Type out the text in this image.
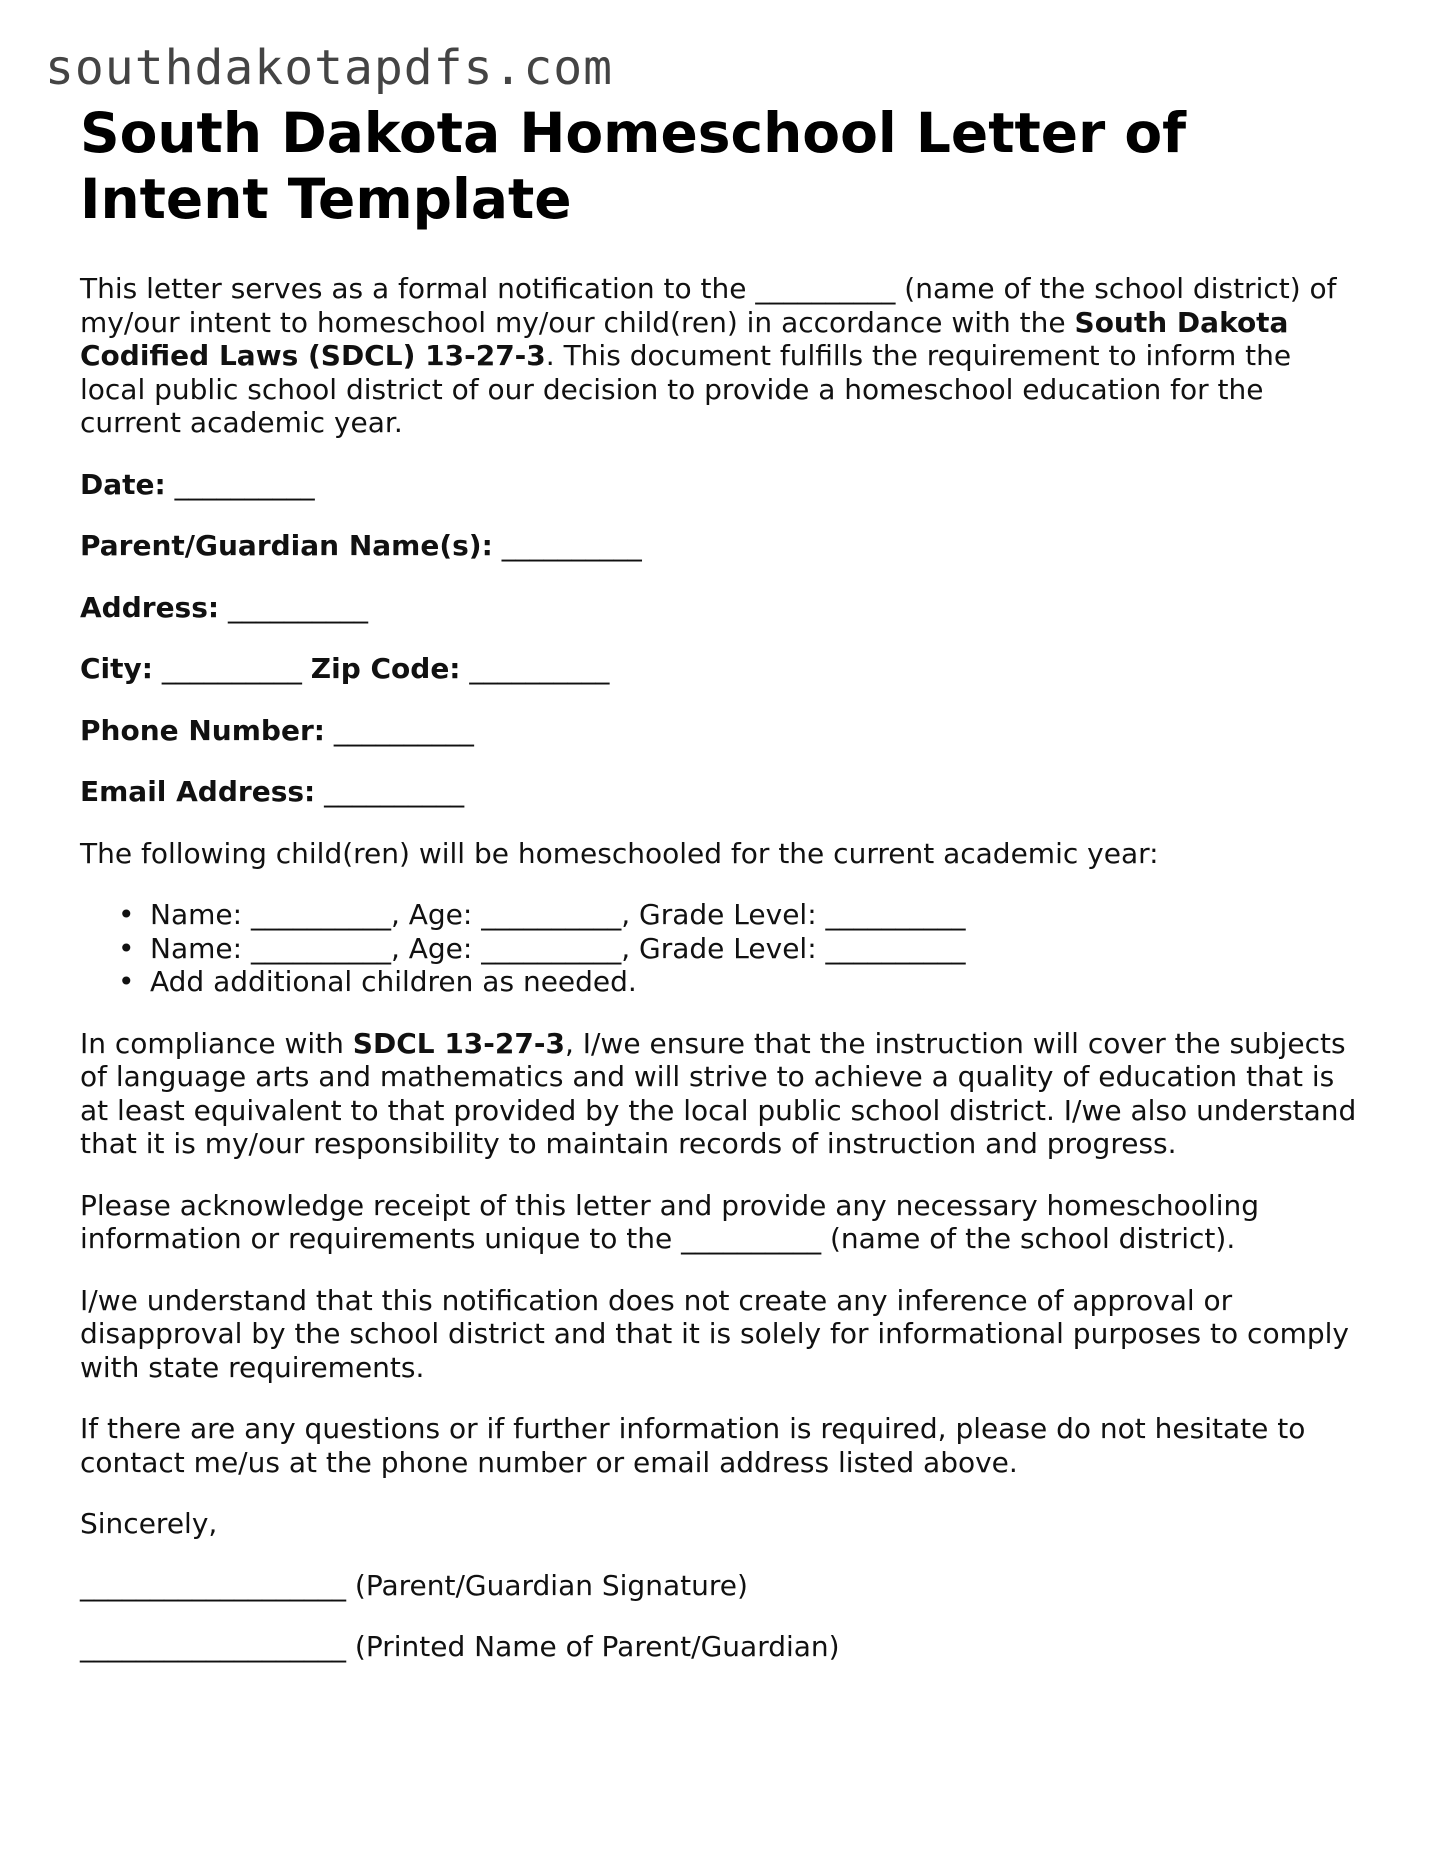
southdakotapdfs.com
South Dakota Homeschool Letter of Intent Template

This letter serves as a formal notification to the __________ (name of the school district) of my/our intent to homeschool my/our child(ren) in accordance with the South Dakota Codified Laws (SDCL) 13-27-3. This document fulfills the requirement to inform the local public school district of our decision to provide a homeschool education for the current academic year.

Date: __________

Parent/Guardian Name(s): __________

Address: __________

City: __________ Zip Code: __________

Phone Number: __________

Email Address: __________

The following child(ren) will be homeschooled for the current academic year:

• Name: __________, Age: __________, Grade Level: __________
• Name: __________, Age: __________, Grade Level: __________
• Add additional children as needed.

In compliance with SDCL 13-27-3, I/we ensure that the instruction will cover the subjects of language arts and mathematics and will strive to achieve a quality of education that is at least equivalent to that provided by the local public school district. I/we also understand that it is my/our responsibility to maintain records of instruction and progress.

Please acknowledge receipt of this letter and provide any necessary homeschooling information or requirements unique to the __________ (name of the school district).

I/we understand that this notification does not create any inference of approval or disapproval by the school district and that it is solely for informational purposes to comply with state requirements.

If there are any questions or if further information is required, please do not hesitate to contact me/us at the phone number or email address listed above.

Sincerely,

___________________ (Parent/Guardian Signature)

___________________ (Printed Name of Parent/Guardian)
